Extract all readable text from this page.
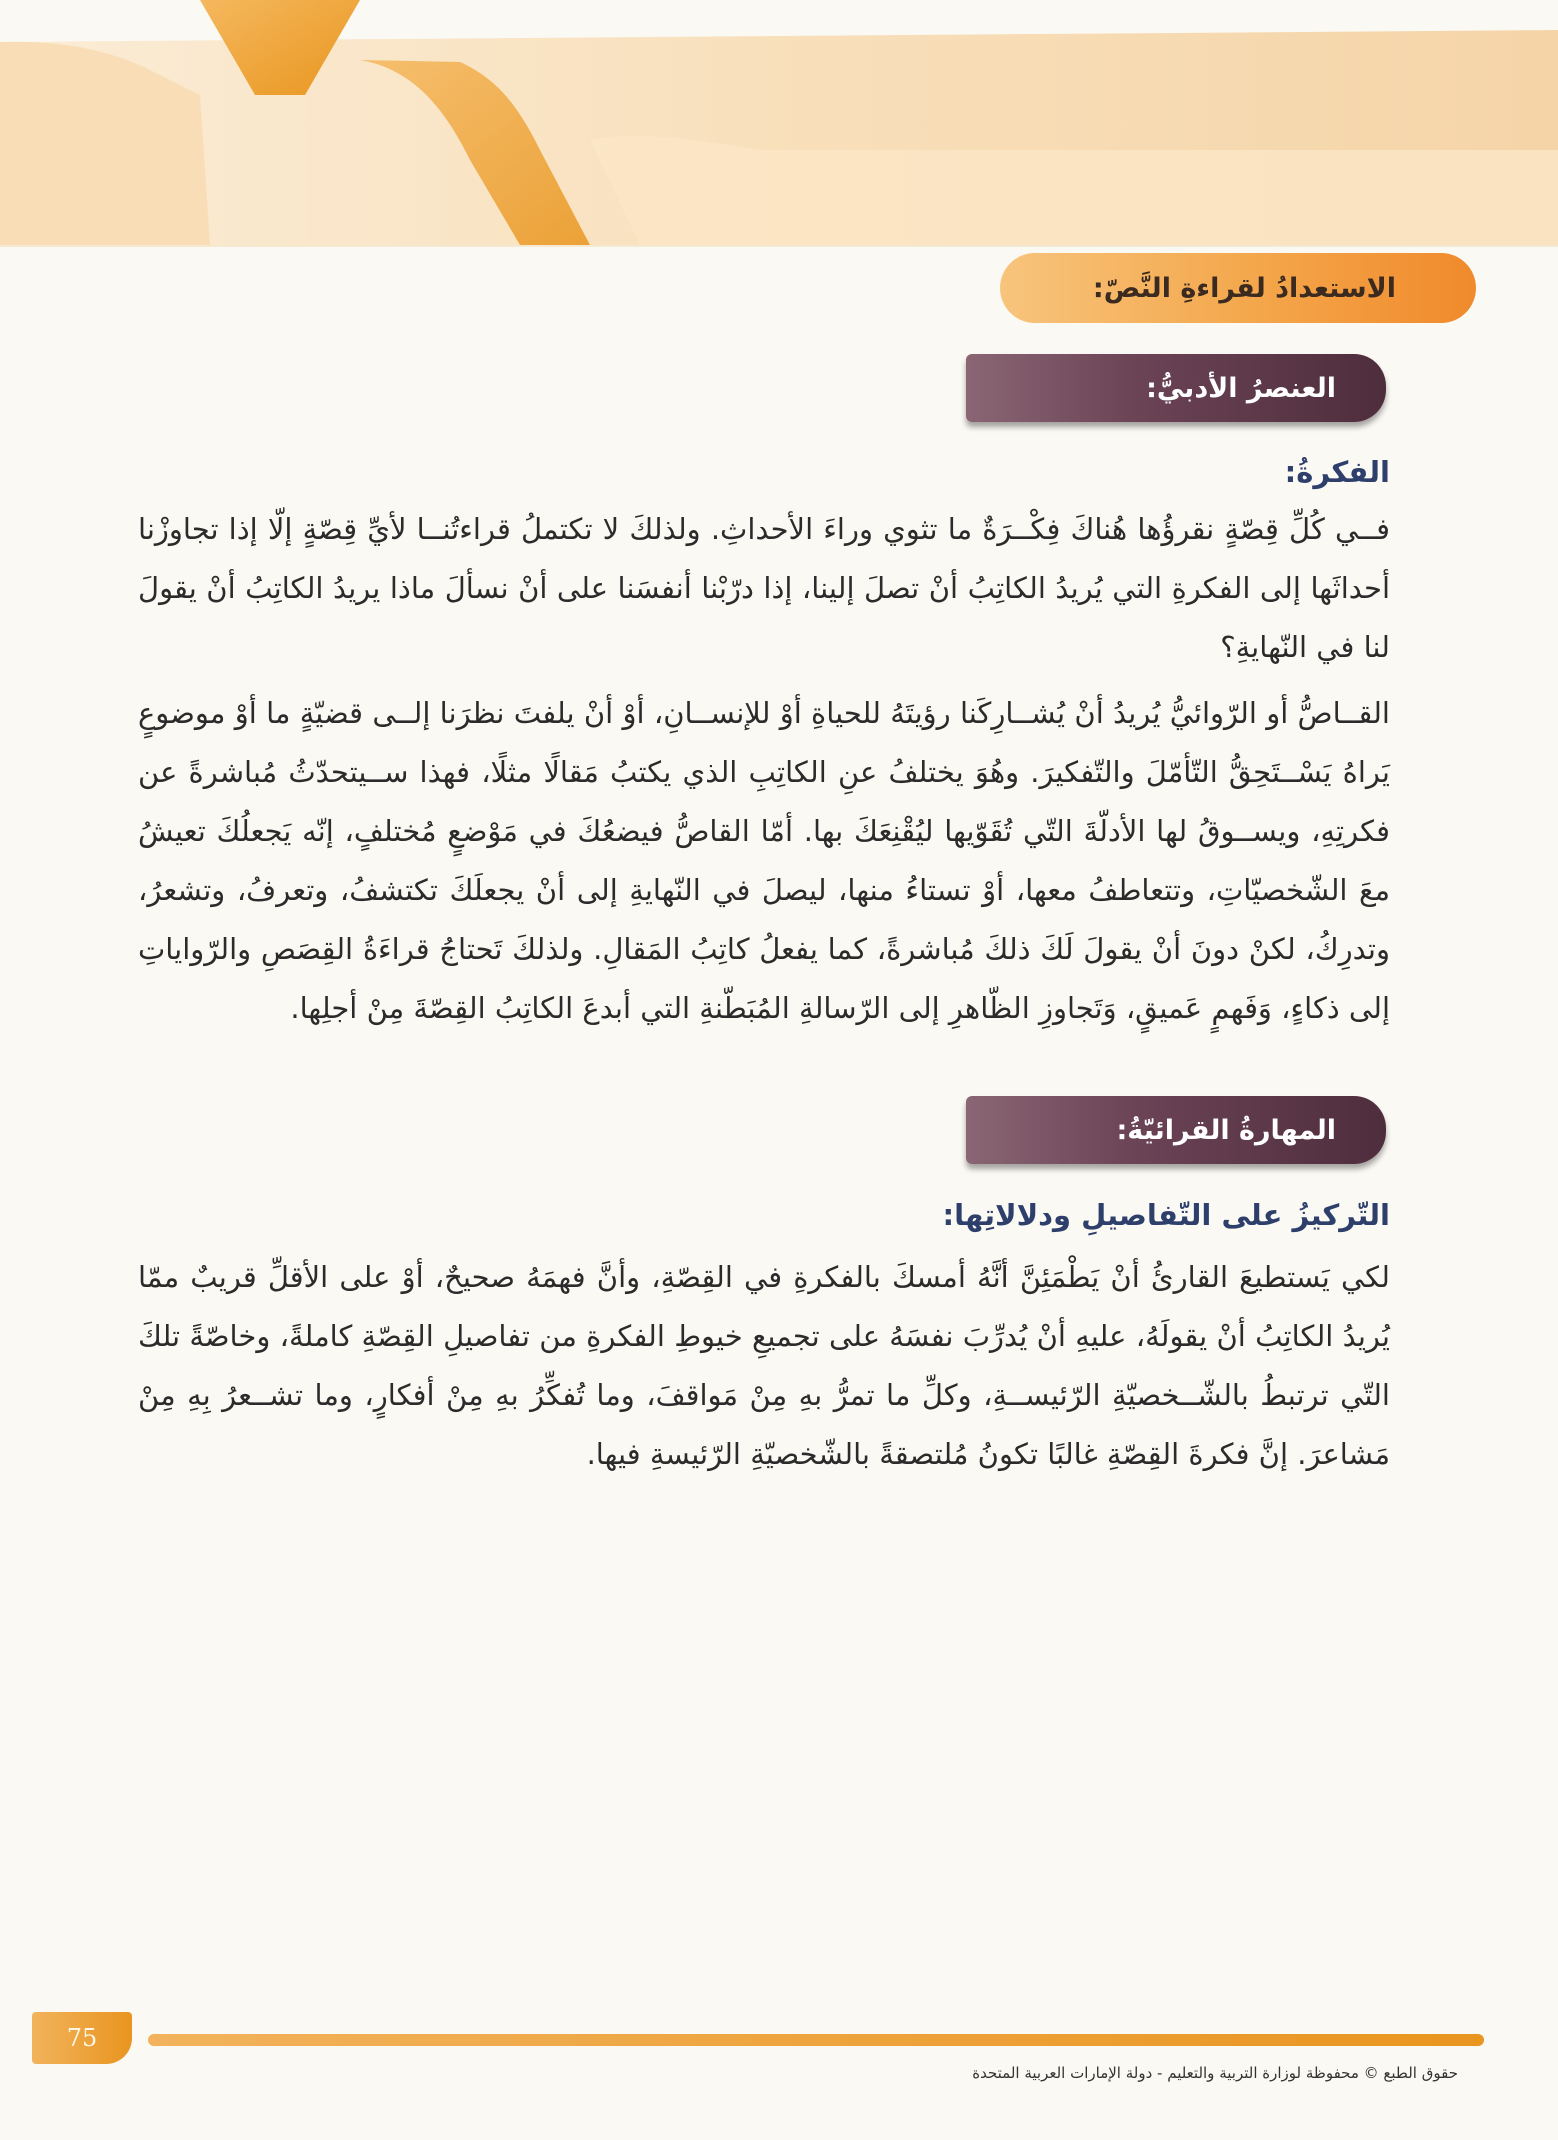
الاستعدادُ لقراءةِ النَّصّ:
العنصرُ الأدبيُّ:
الفكرةُ:
فــي كُلِّ قِصّةٍ نقرؤُها هُناكَ فِكْــرَةٌ ما تثوي وراءَ الأحداثِ. ولذلكَ لا تكتملُ قراءتُنــا لأيِّ قِصّةٍ إلّا إذا تجاوزْنا أحداثَها إلى الفكرةِ التي يُريدُ الكاتِبُ أنْ تصلَ إلينا، إذا درّبْنا أنفسَنا على أنْ نسألَ ماذا يريدُ الكاتِبُ أنْ يقولَ لنا في النّهايةِ؟
القــاصُّ أو الرّوائيُّ يُريدُ أنْ يُشــارِكَنا رؤيتَهُ للحياةِ أوْ للإنســانِ، أوْ أنْ يلفتَ نظرَنا إلــى قضيّةٍ ما أوْ موضوعٍ يَراهُ يَسْــتَحِقُّ التّأمّلَ والتّفكيرَ. وهُوَ يختلفُ عنِ الكاتِبِ الذي يكتبُ مَقالًا مثلًا، فهذا ســيتحدّثُ مُباشرةً عن فكرتِهِ، ويســوقُ لها الأدلّةَ التّي تُقَوّيها ليُقْنِعَكَ بها. أمّا القاصُّ فيضعُكَ في مَوْضعٍ مُختلفٍ، إنّه يَجعلُكَ تعيشُ معَ الشّخصيّاتِ، وتتعاطفُ معها، أوْ تستاءُ منها، ليصلَ في النّهايةِ إلى أنْ يجعلَكَ تكتشفُ، وتعرفُ، وتشعرُ، وتدرِكُ، لكنْ دونَ أنْ يقولَ لَكَ ذلكَ مُباشرةً، كما يفعلُ كاتِبُ المَقالِ. ولذلكَ تَحتاجُ قراءَةُ القِصَصِ والرّواياتِ إلى ذكاءٍ، وَفَهمٍ عَميقٍ، وَتَجاوزِ الظّاهرِ إلى الرّسالةِ المُبَطّنةِ التي أبدعَ الكاتِبُ القِصّةَ مِنْ أجلِها.
المهارةُ القرائيّةُ:
التّركيزُ على التّفاصيلِ ودلالاتِها:
لكي يَستطيعَ القارئُ أنْ يَطْمَئِنَّ أنَّهُ أمسكَ بالفكرةِ في القِصّةِ، وأنَّ فهمَهُ صحيحٌ، أوْ على الأقلِّ قريبٌ ممّا يُريدُ الكاتِبُ أنْ يقولَهُ، عليهِ أنْ يُدرِّبَ نفسَهُ على تجميعِ خيوطِ الفكرةِ من تفاصيلِ القِصّةِ كاملةً، وخاصّةً تلكَ التّي ترتبطُ بالشّــخصيّةِ الرّئيســةِ، وكلِّ ما تمرُّ بهِ مِنْ مَواقفَ، وما تُفكِّرُ بهِ مِنْ أفكارٍ، وما تشــعرُ بِهِ مِنْ مَشاعرَ. إنَّ فكرةَ القِصّةِ غالبًا تكونُ مُلتصقةً بالشّخصيّةِ الرّئيسةِ فيها.
75
حقوق الطبع © محفوظة لوزارة التربية والتعليم - دولة الإمارات العربية المتحدة
